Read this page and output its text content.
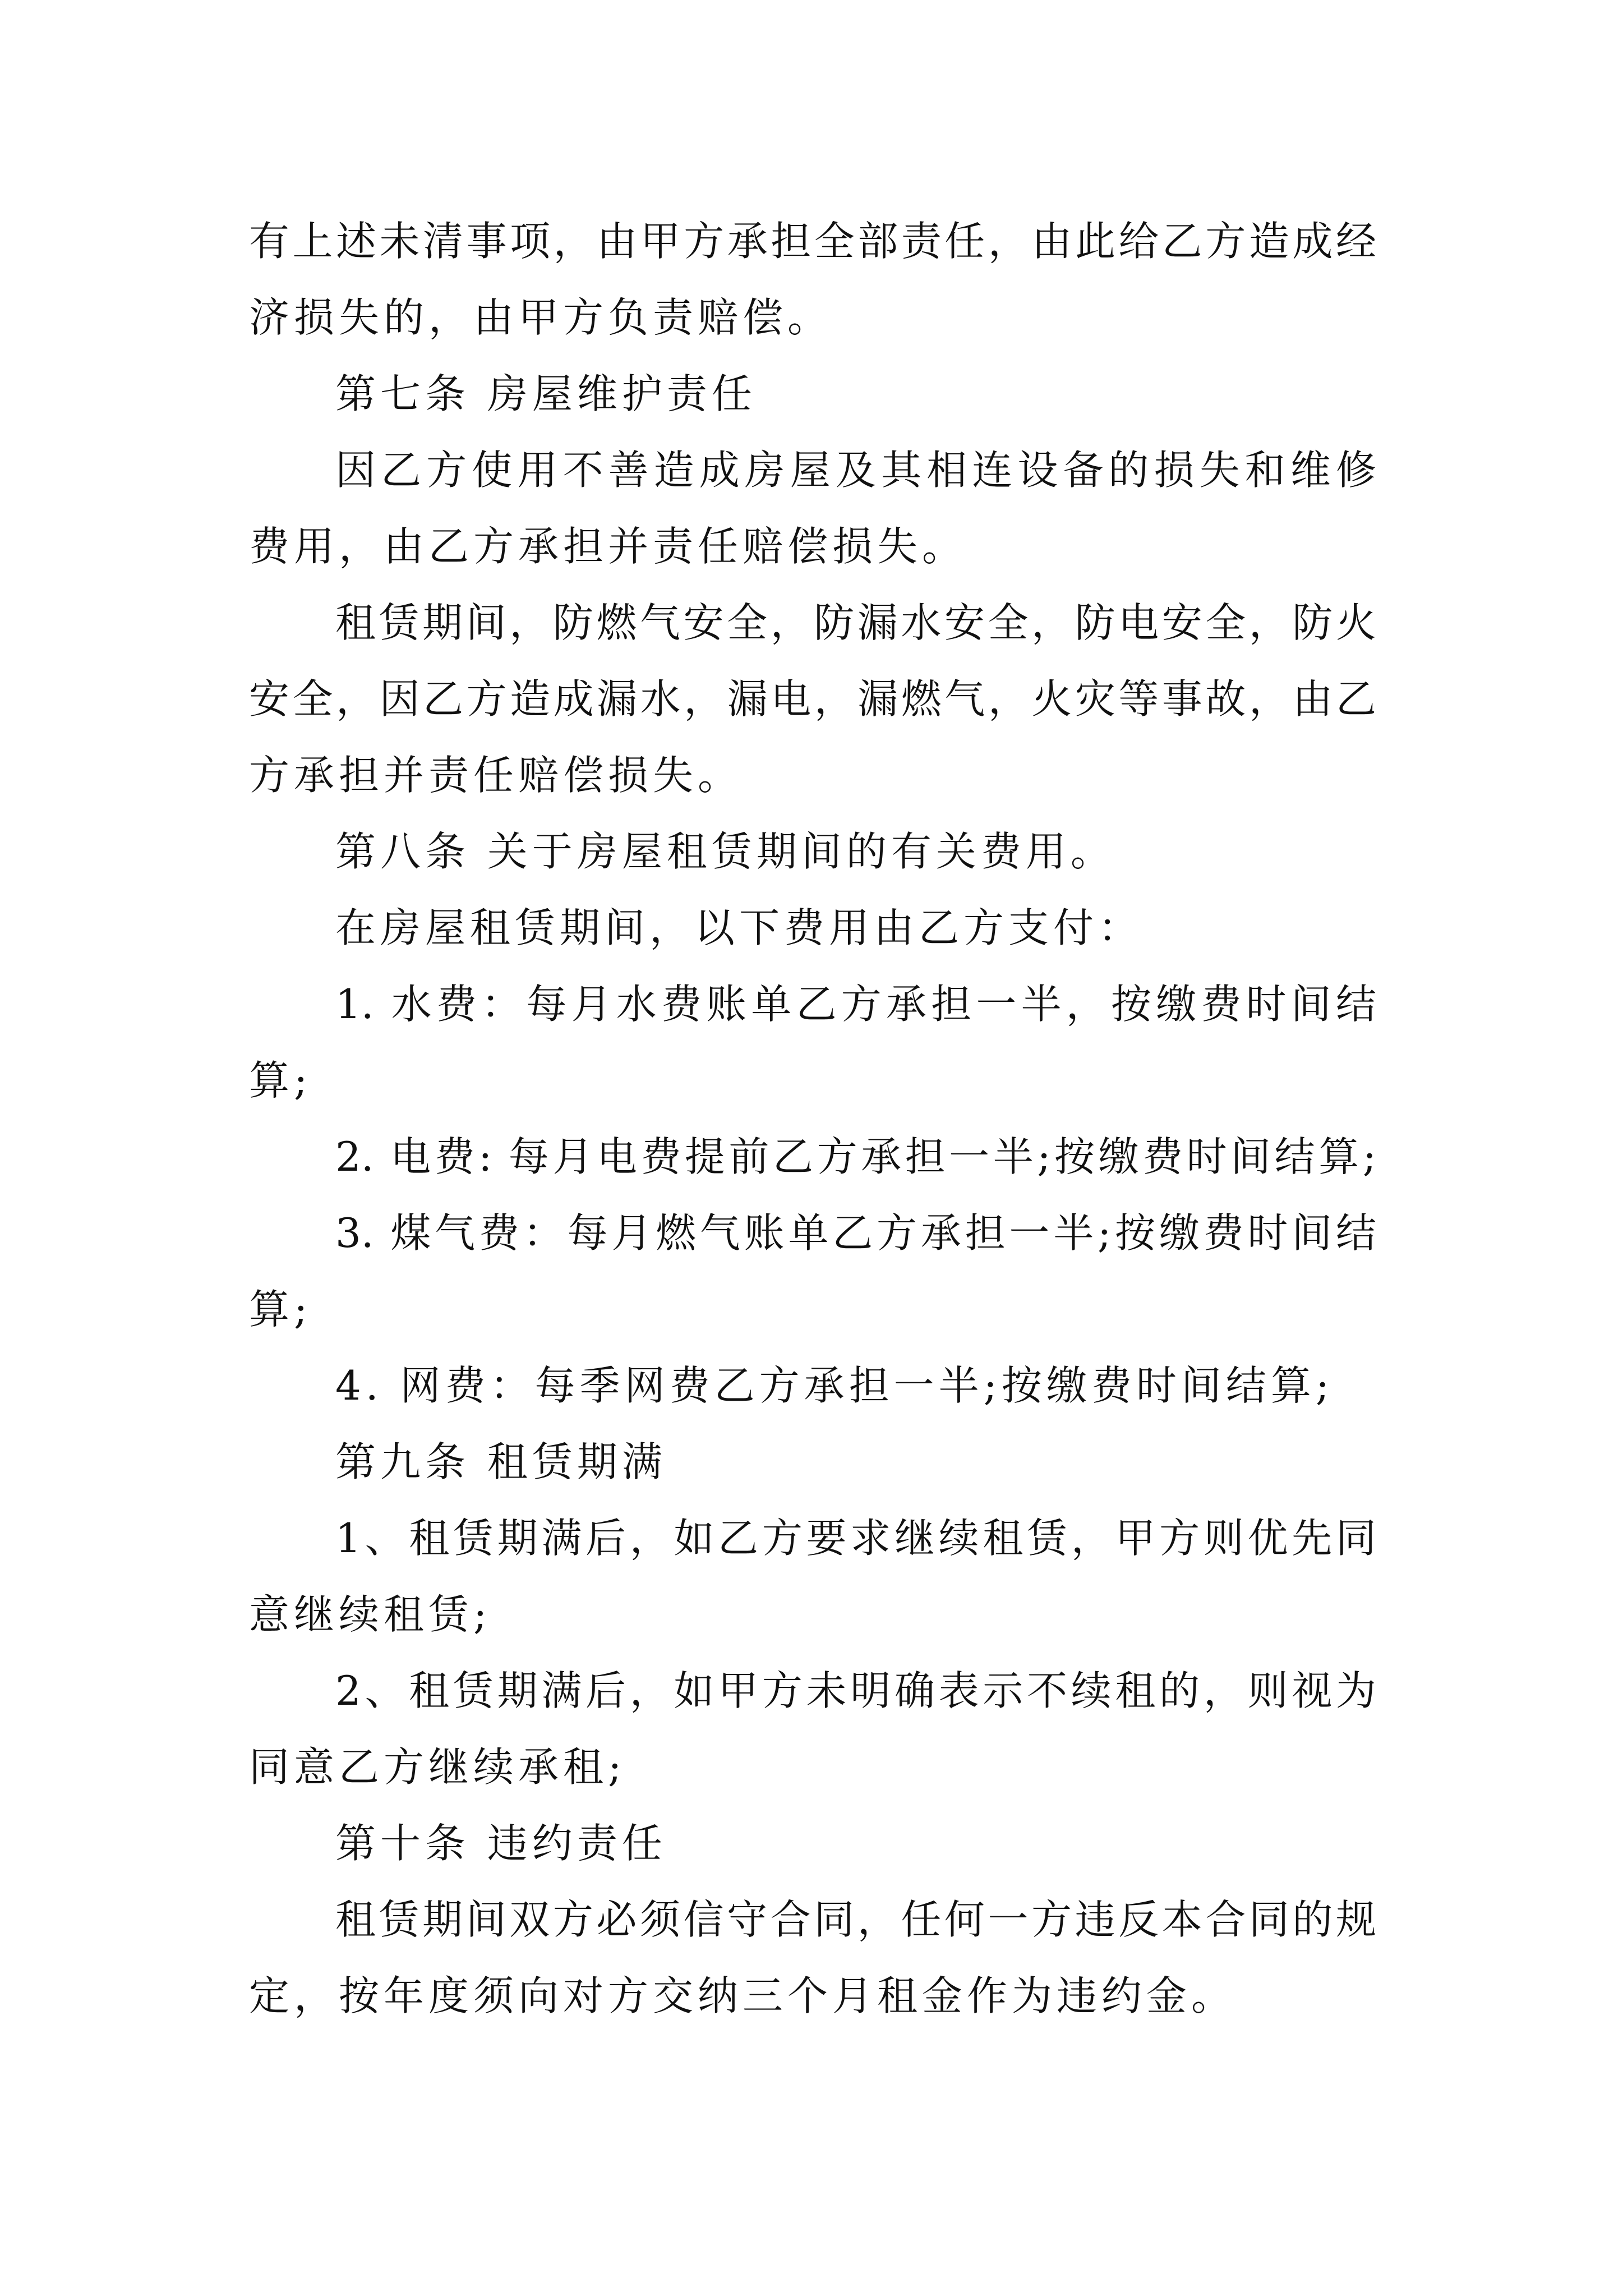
有上述未清事项，由甲方承担全部责任，由此给乙方造成经
济损失的，由甲方负责赔偿。
第七条 房屋维护责任
因乙方使用不善造成房屋及其相连设备的损失和维修
费用，由乙方承担并责任赔偿损失。
租赁期间，防燃气安全，防漏水安全，防电安全，防火
安全，因乙方造成漏水，漏电，漏燃气，火灾等事故，由乙
方承担并责任赔偿损失。
第八条 关于房屋租赁期间的有关费用。
在房屋租赁期间，以下费用由乙方支付：
1. 水费：每月水费账单乙方承担一半，按缴费时间结
算;
2. 电费: 每月电费提前乙方承担一半;按缴费时间结算;
3. 煤气费：每月燃气账单乙方承担一半;按缴费时间结
算;
4. 网费：每季网费乙方承担一半;按缴费时间结算;
第九条 租赁期满
1、租赁期满后，如乙方要求继续租赁，甲方则优先同
意继续租赁;
2、租赁期满后，如甲方未明确表示不续租的，则视为
同意乙方继续承租;
第十条 违约责任
租赁期间双方必须信守合同，任何一方违反本合同的规
定，按年度须向对方交纳三个月租金作为违约金。
